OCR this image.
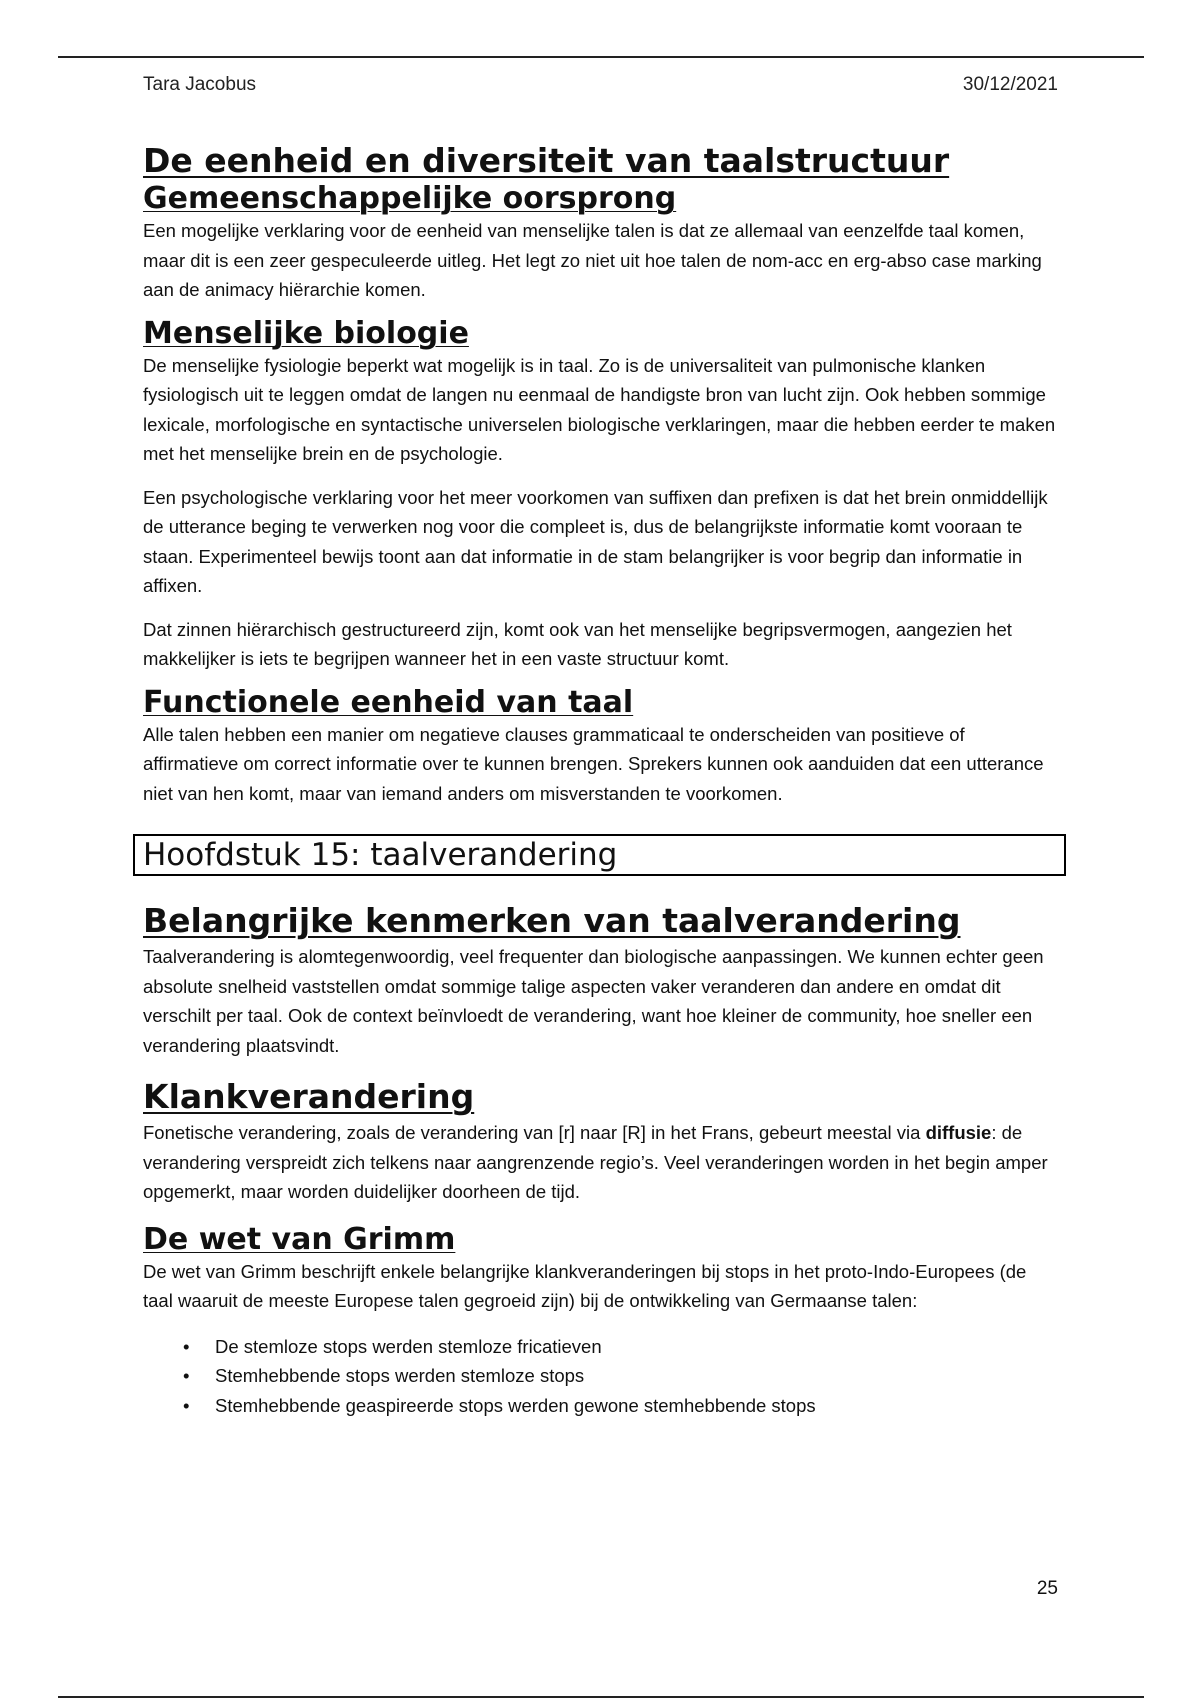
Tara Jacobus	30/12/2021
De eenheid en diversiteit van taalstructuur
Gemeenschappelijke oorsprong

Een mogelijke verklaring voor de eenheid van menselijke talen is dat ze allemaal van eenzelfde taal komen, maar dit is een zeer gespeculeerde uitleg. Het legt zo niet uit hoe talen de nom-acc en erg-abso case marking aan de animacy hiërarchie komen.

Menselijke biologie

De menselijke fysiologie beperkt wat mogelijk is in taal. Zo is de universaliteit van pulmonische klanken fysiologisch uit te leggen omdat de langen nu eenmaal de handigste bron van lucht zijn. Ook hebben sommige lexicale, morfologische en syntactische universelen biologische verklaringen, maar die hebben eerder te maken met het menselijke brein en de psychologie.

Een psychologische verklaring voor het meer voorkomen van suffixen dan prefixen is dat het brein onmiddellijk de utterance beging te verwerken nog voor die compleet is, dus de belangrijkste informatie komt vooraan te staan. Experimenteel bewijs toont aan dat informatie in de stam belangrijker is voor begrip dan informatie in affixen.

Dat zinnen hiërarchisch gestructureerd zijn, komt ook van het menselijke begripsvermogen, aangezien het makkelijker is iets te begrijpen wanneer het in een vaste structuur komt.

Functionele eenheid van taal

Alle talen hebben een manier om negatieve clauses grammaticaal te onderscheiden van positieve of affirmatieve om correct informatie over te kunnen brengen. Sprekers kunnen ook aanduiden dat een utterance niet van hen komt, maar van iemand anders om misverstanden te voorkomen.

Hoofdstuk 15: taalverandering
Belangrijke kenmerken van taalverandering

Taalverandering is alomtegenwoordig, veel frequenter dan biologische aanpassingen. We kunnen echter geen absolute snelheid vaststellen omdat sommige talige aspecten vaker veranderen dan andere en omdat dit verschilt per taal. Ook de context beïnvloedt de verandering, want hoe kleiner de community, hoe sneller een verandering plaatsvindt.

Klankverandering

Fonetische verandering, zoals de verandering van [r] naar [R] in het Frans, gebeurt meestal via diffusie: de verandering verspreidt zich telkens naar aangrenzende regio’s. Veel veranderingen worden in het begin amper opgemerkt, maar worden duidelijker doorheen de tijd.

De wet van Grimm

De wet van Grimm beschrijft enkele belangrijke klankveranderingen bij stops in het proto-Indo-Europees (de taal waaruit de meeste Europese talen gegroeid zijn) bij de ontwikkeling van Germaanse talen:

• De stemloze stops werden stemloze fricatieven
• Stemhebbende stops werden stemloze stops
• Stemhebbende geaspireerde stops werden gewone stemhebbende stops
25
